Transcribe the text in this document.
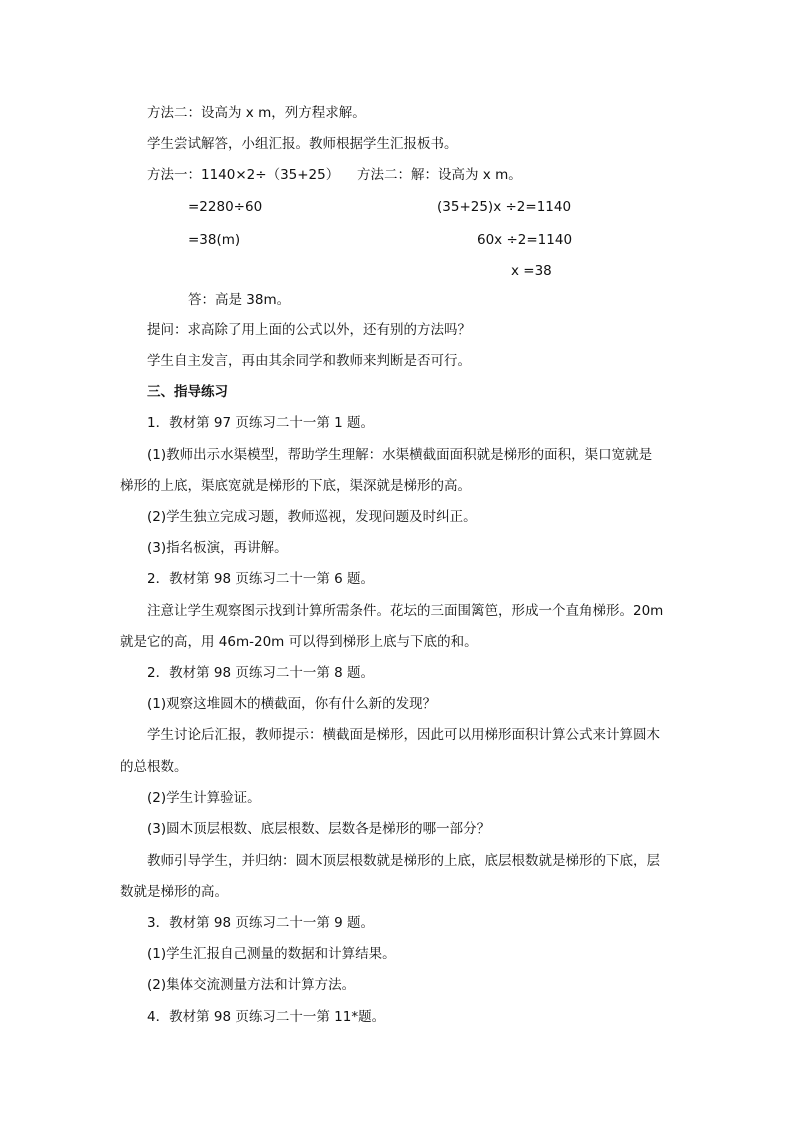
方法二：设高为 x m，列方程求解。
学生尝试解答，小组汇报。教师根据学生汇报板书。
方法一：1140×2÷（35+25） 方法二：解：设高为 x m。
=2280÷60	(35+25)x ÷2=1140
=38(m)	60x ÷2=1140
x =38
答：高是 38m。
提问：求高除了用上面的公式以外，还有别的方法吗？
学生自主发言，再由其余同学和教师来判断是否可行。
三、指导练习
1．教材第 97 页练习二十一第 1 题。
(1)教师出示水渠模型，帮助学生理解：水渠横截面面积就是梯形的面积，渠口宽就是
梯形的上底，渠底宽就是梯形的下底，渠深就是梯形的高。
(2)学生独立完成习题，教师巡视，发现问题及时纠正。
(3)指名板演，再讲解。
2．教材第 98 页练习二十一第 6 题。
注意让学生观察图示找到计算所需条件。花坛的三面围篱笆，形成一个直角梯形。20m
就是它的高，用 46m-20m 可以得到梯形上底与下底的和。
2．教材第 98 页练习二十一第 8 题。
(1)观察这堆圆木的横截面，你有什么新的发现？
学生讨论后汇报，教师提示：横截面是梯形，因此可以用梯形面积计算公式来计算圆木
的总根数。
(2)学生计算验证。
(3)圆木顶层根数、底层根数、层数各是梯形的哪一部分？
教师引导学生，并归纳：圆木顶层根数就是梯形的上底，底层根数就是梯形的下底，层
数就是梯形的高。
3．教材第 98 页练习二十一第 9 题。
(1)学生汇报自己测量的数据和计算结果。
(2)集体交流测量方法和计算方法。
4．教材第 98 页练习二十一第 11*题。
